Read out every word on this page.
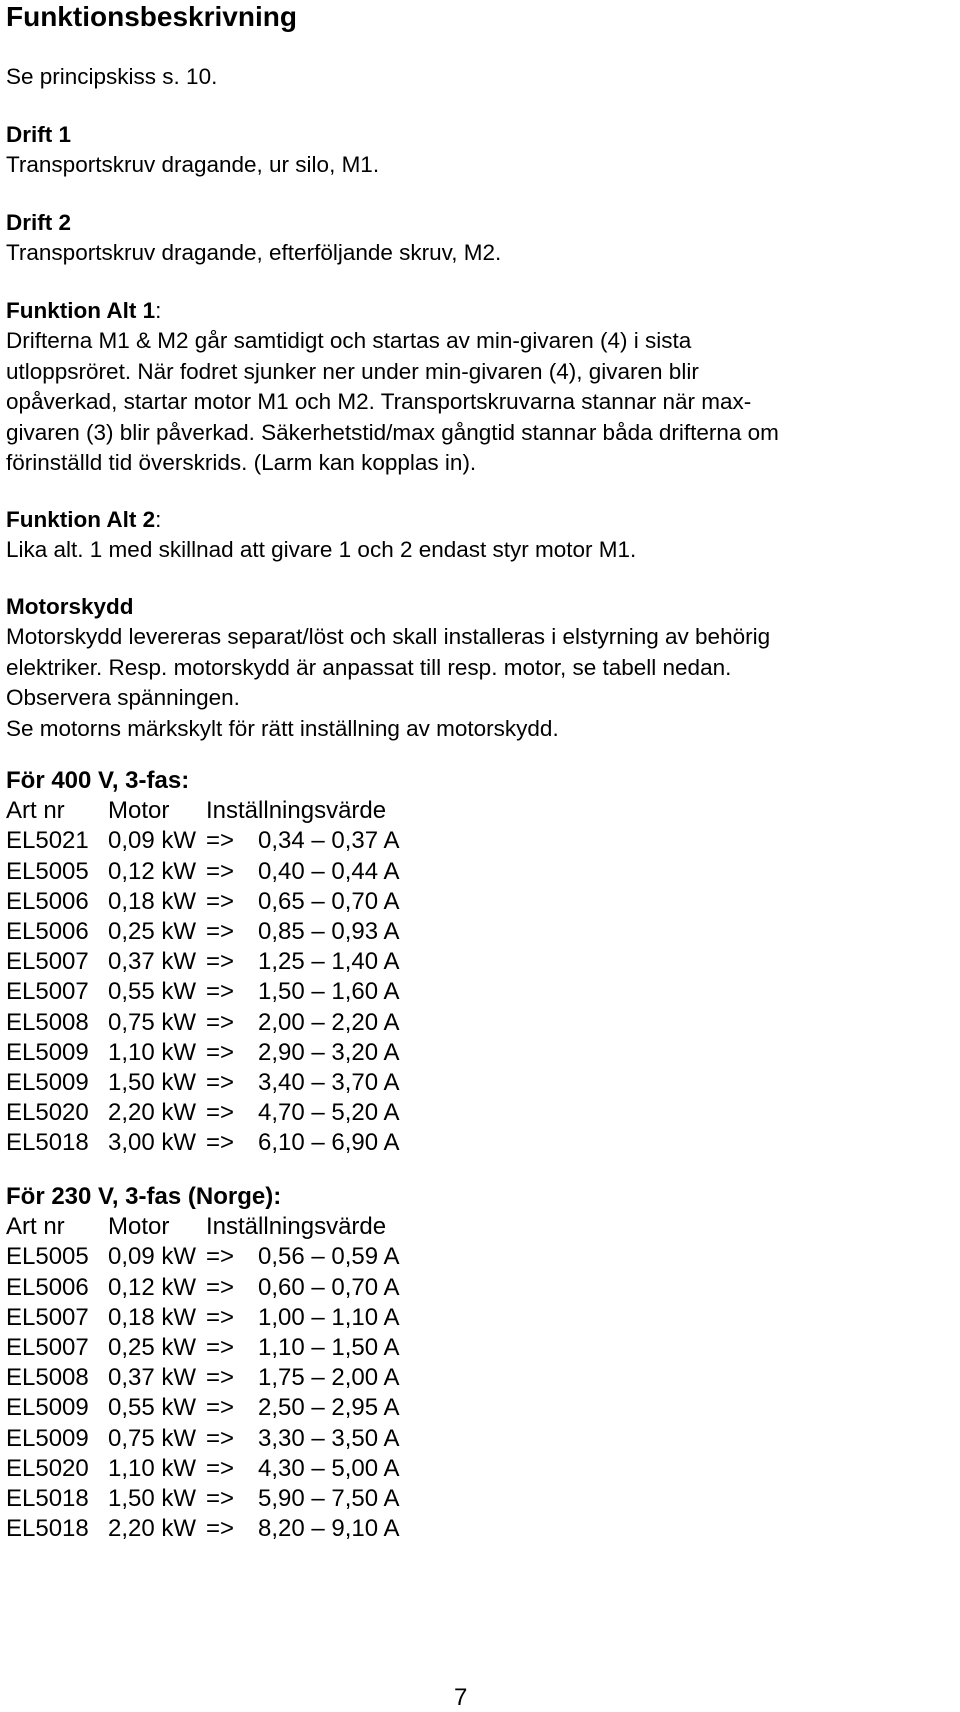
Funktionsbeskrivning
Se principskiss s. 10.
Drift 1
Transportskruv dragande, ur silo, M1.
Drift 2
Transportskruv dragande, efterföljande skruv, M2.
Funktion Alt 1:
Drifterna M1 & M2 går samtidigt och startas av min-givaren (4) i sista
utloppsröret. När fodret sjunker ner under min-givaren (4), givaren blir
opåverkad, startar motor M1 och M2. Transportskruvarna stannar när max-
givaren (3) blir påverkad. Säkerhetstid/max gångtid stannar båda drifterna om
förinställd tid överskrids. (Larm kan kopplas in).
Funktion Alt 2:
Lika alt. 1 med skillnad att givare 1 och 2 endast styr motor M1.
Motorskydd
Motorskydd levereras separat/löst och skall installeras i elstyrning av behörig
elektriker. Resp. motorskydd är anpassat till resp. motor, se tabell nedan.
Observera spänningen.
Se motorns märkskylt för rätt inställning av motorskydd.
För 400 V, 3-fas:
Art nr Motor Inställningsvärde
EL5021 0,09 kW => 0,34 – 0,37 A
EL5005 0,12 kW => 0,40 – 0,44 A
EL5006 0,18 kW => 0,65 – 0,70 A
EL5006 0,25 kW => 0,85 – 0,93 A
EL5007 0,37 kW => 1,25 – 1,40 A
EL5007 0,55 kW => 1,50 – 1,60 A
EL5008 0,75 kW => 2,00 – 2,20 A
EL5009 1,10 kW => 2,90 – 3,20 A
EL5009 1,50 kW => 3,40 – 3,70 A
EL5020 2,20 kW => 4,70 – 5,20 A
EL5018 3,00 kW => 6,10 – 6,90 A
För 230 V, 3-fas (Norge):
Art nr Motor Inställningsvärde
EL5005 0,09 kW => 0,56 – 0,59 A
EL5006 0,12 kW => 0,60 – 0,70 A
EL5007 0,18 kW => 1,00 – 1,10 A
EL5007 0,25 kW => 1,10 – 1,50 A
EL5008 0,37 kW => 1,75 – 2,00 A
EL5009 0,55 kW => 2,50 – 2,95 A
EL5009 0,75 kW => 3,30 – 3,50 A
EL5020 1,10 kW => 4,30 – 5,00 A
EL5018 1,50 kW => 5,90 – 7,50 A
EL5018 2,20 kW => 8,20 – 9,10 A
7
